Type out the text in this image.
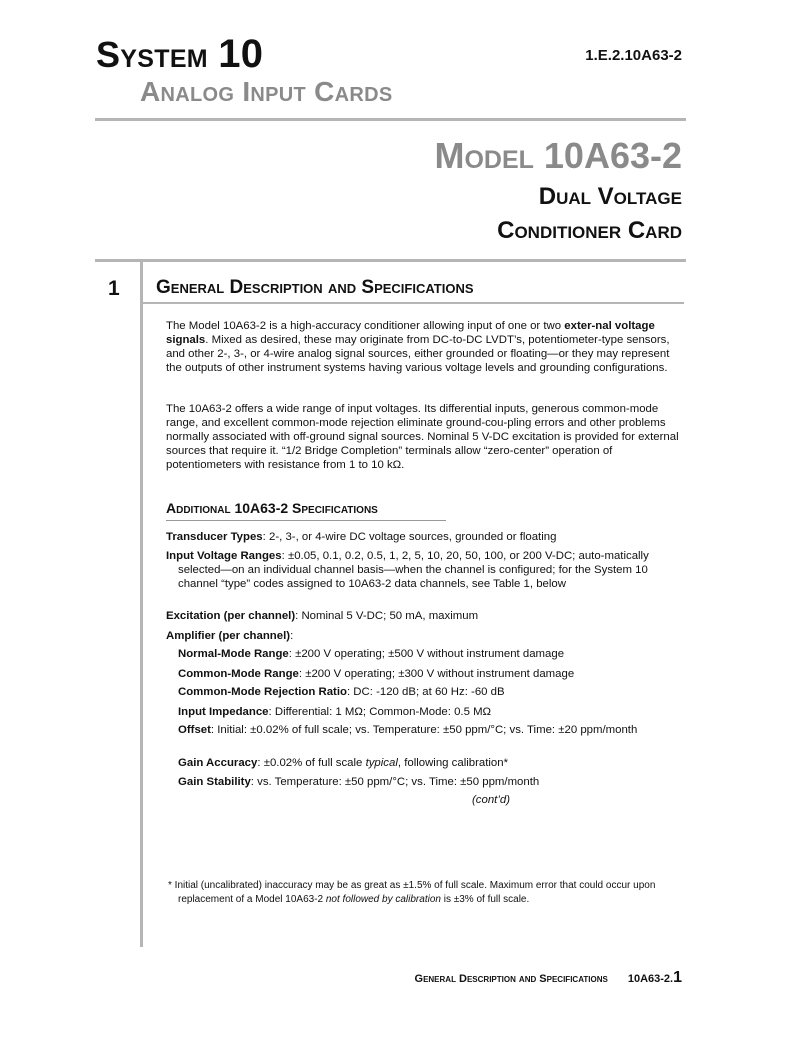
System 10
Analog Input Cards
1.E.2.10A63-2
Model 10A63-2
Dual Voltage
Conditioner Card
1 General Description and Specifications
The Model 10A63-2 is a high-accuracy conditioner allowing input of one or two exter-nal voltage signals. Mixed as desired, these may originate from DC-to-DC LVDT’s, potentiometer-type sensors, and other 2-, 3-, or 4-wire analog signal sources, either grounded or floating—or they may represent the outputs of other instrument systems having various voltage levels and grounding configurations.
The 10A63-2 offers a wide range of input voltages. Its differential inputs, generous common-mode range, and excellent common-mode rejection eliminate ground-cou-pling errors and other problems normally associated with off-ground signal sources. Nominal 5 V-DC excitation is provided for external sources that require it. “1/2 Bridge Completion” terminals allow “zero-center” operation of potentiometers with resistance from 1 to 10 kΩ.
Additional 10A63-2 Specifications
Transducer Types: 2-, 3-, or 4-wire DC voltage sources, grounded or floating
Input Voltage Ranges: ±0.05, 0.1, 0.2, 0.5, 1, 2, 5, 10, 20, 50, 100, or 200 V-DC; auto-matically selected—on an individual channel basis—when the channel is configured; for the System 10 channel “type” codes assigned to 10A63-2 data channels, see Table 1, below
Excitation (per channel): Nominal 5 V-DC; 50 mA, maximum
Amplifier (per channel):
Normal-Mode Range: ±200 V operating; ±500 V without instrument damage
Common-Mode Range: ±200 V operating; ±300 V without instrument damage
Common-Mode Rejection Ratio: DC: -120 dB; at 60 Hz: -60 dB
Input Impedance: Differential: 1 MΩ; Common-Mode: 0.5 MΩ
Offset: Initial: ±0.02% of full scale; vs. Temperature: ±50 ppm/°C; vs. Time: ±20 ppm/month
Gain Accuracy: ±0.02% of full scale typical, following calibration*
Gain Stability: vs. Temperature: ±50 ppm/°C; vs. Time: ±50 ppm/month
(cont’d)
* Initial (uncalibrated) inaccuracy may be as great as ±1.5% of full scale. Maximum error that could occur upon replacement of a Model 10A63-2 not followed by calibration is ±3% of full scale.
General Description and Specifications 10A63-2.1
